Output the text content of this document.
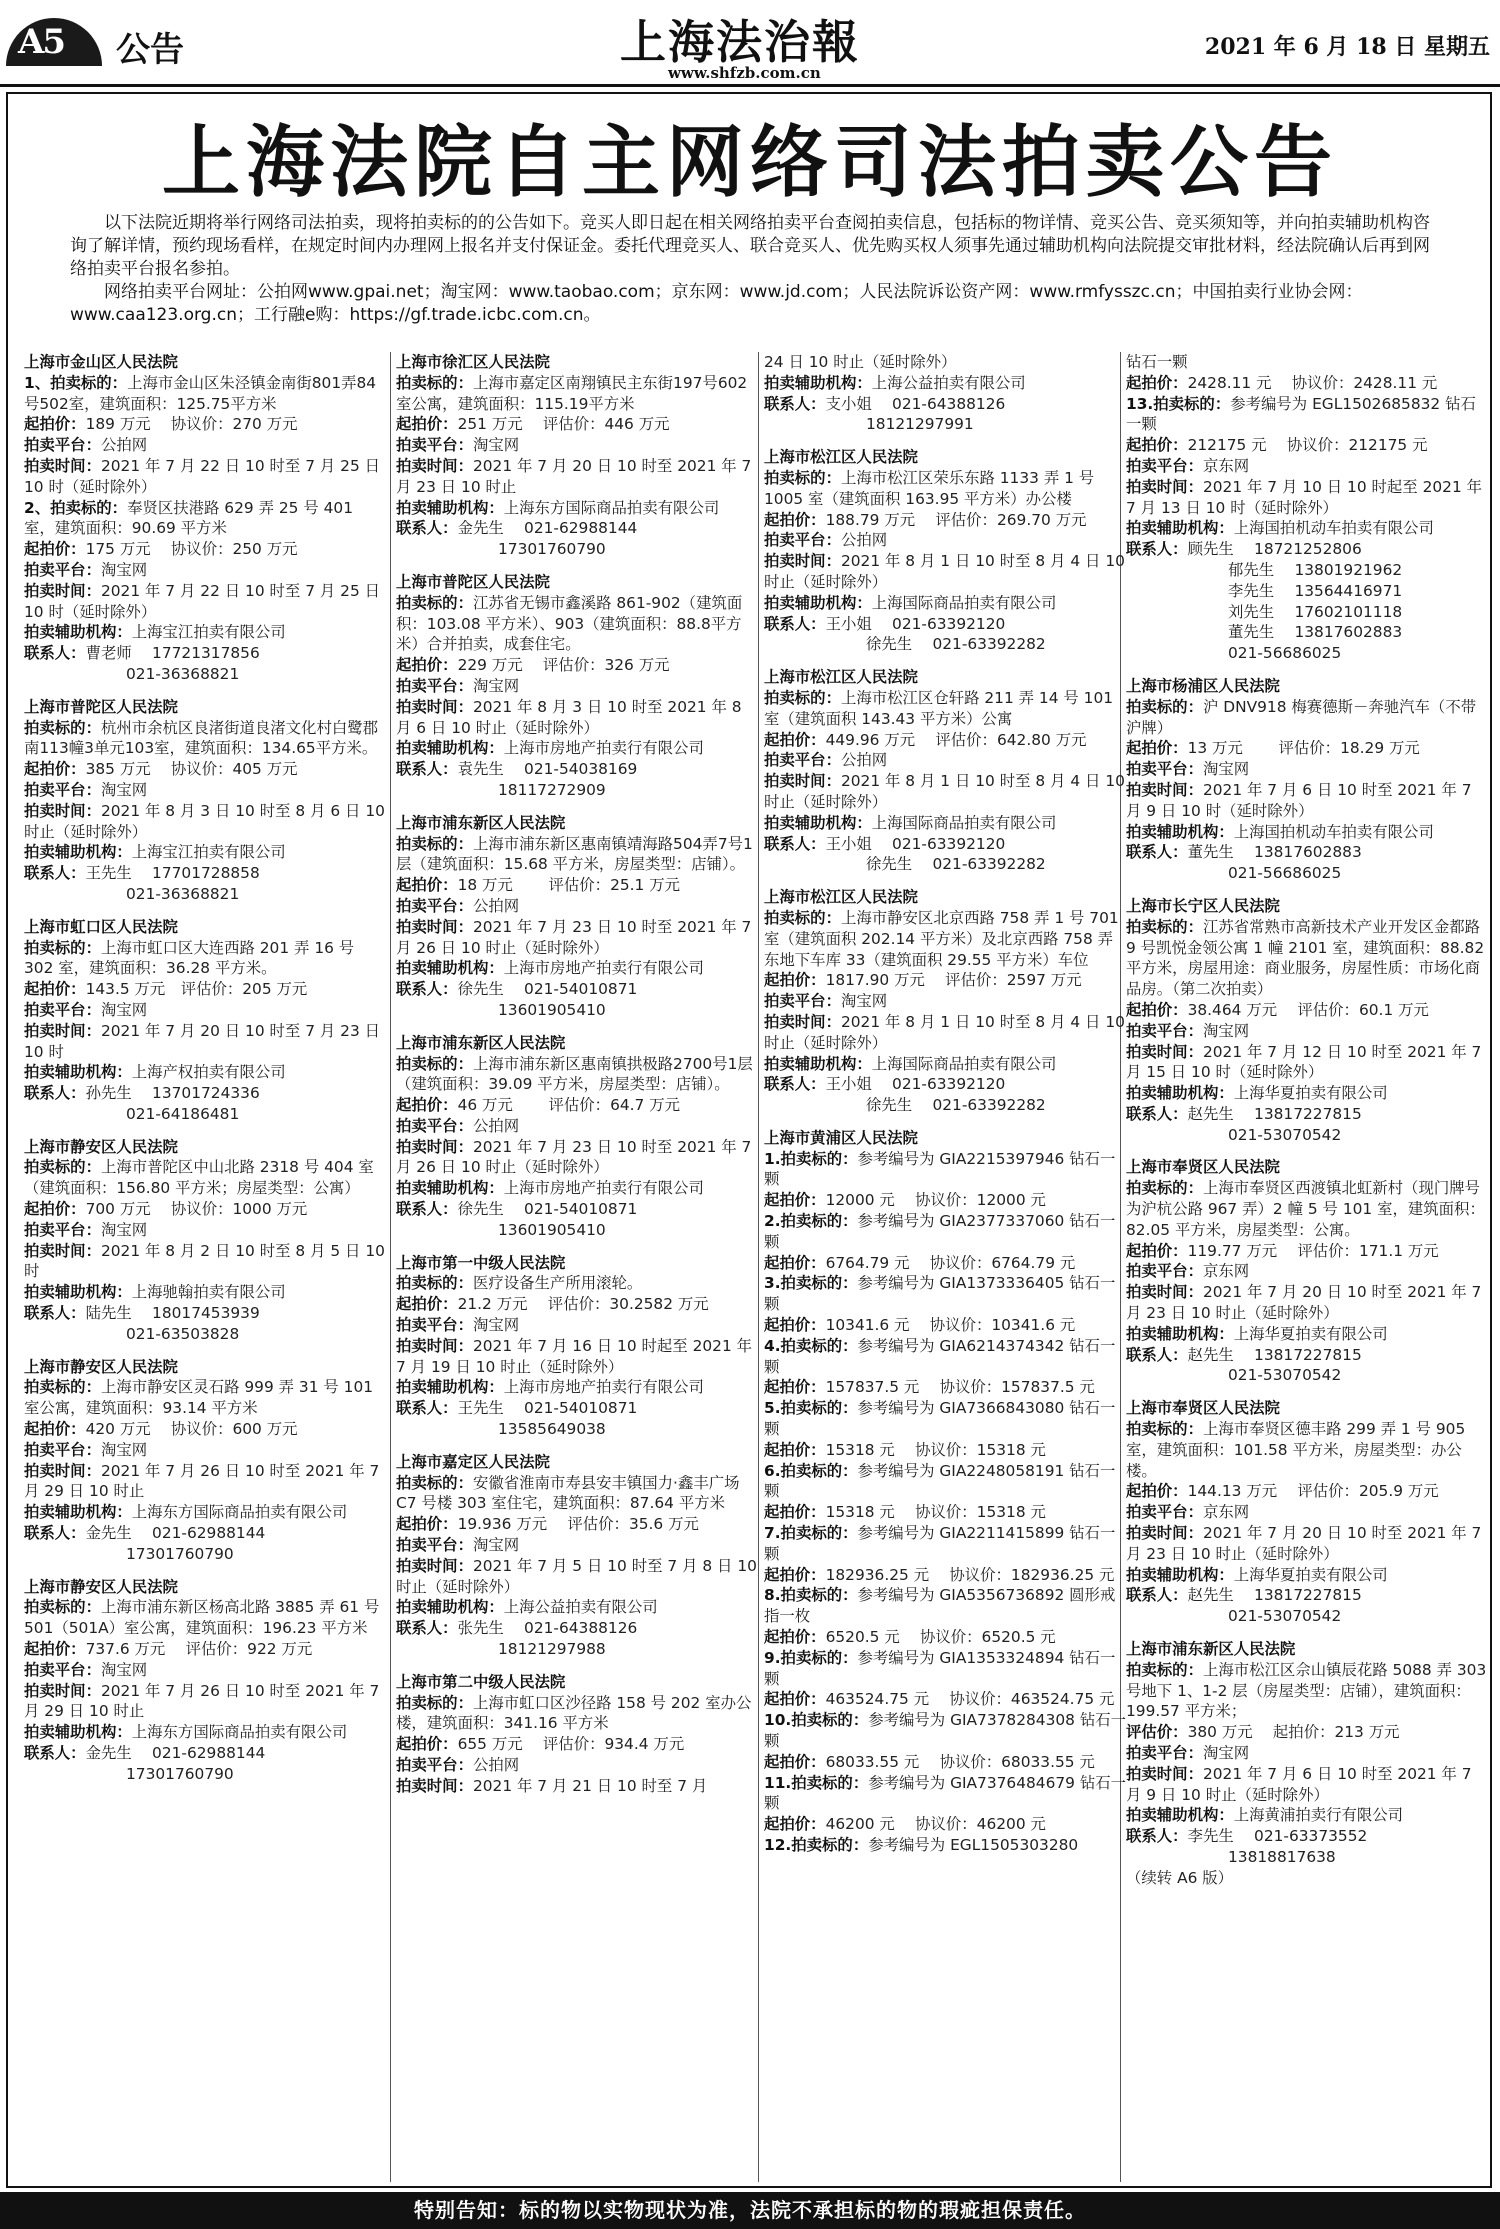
A5 公告	上海法治報
www.shfzb.com.cn
2021 年 6 月 18 日 星期五
上海法院自主网络司法拍卖公告

以下法院近期将举行网络司法拍卖，现将拍卖标的的公告如下。竞买人即日起在相关网络拍卖平台查阅拍卖信息，包括标的物详情、竞买公告、竞买须知等，并向拍卖辅助机构咨询了解详情，预约现场看样，在规定时间内办理网上报名并支付保证金。委托代理竞买人、联合竞买人、优先购买权人须事先通过辅助机构向法院提交审批材料，经法院确认后再到网络拍卖平台报名参拍。

网络拍卖平台网址：公拍网www.gpai.net；淘宝网：www.taobao.com；京东网：www.jd.com；人民法院诉讼资产网：www.rmfysszc.cn；中国拍卖行业协会网：www.caa123.org.cn；工行融e购：https://gf.trade.icbc.com.cn。

上海市金山区人民法院
1、拍卖标的：上海市金山区朱泾镇金南街801弄84号502室，建筑面积：125.75平方米
起拍价：189 万元　 协议价：270 万元
拍卖平台：公拍网
拍卖时间：2021 年 7 月 22 日 10 时至 7 月 25 日 10 时（延时除外）
2、拍卖标的：奉贤区扶港路 629 弄 25 号 401 室，建筑面积：90.69 平方米
起拍价：175 万元　 协议价：250 万元
拍卖平台：淘宝网
拍卖时间：2021 年 7 月 22 日 10 时至 7 月 25 日 10 时（延时除外）
拍卖辅助机构：上海宝江拍卖有限公司
联系人：曹老师　 17721317856
021-36368821
上海市普陀区人民法院
拍卖标的：杭州市余杭区良渚街道良渚文化村白鹭郡南113幢3单元103室，建筑面积：134.65平方米。
起拍价：385 万元　 协议价：405 万元
拍卖平台：淘宝网
拍卖时间：2021 年 8 月 3 日 10 时至 8 月 6 日 10 时止（延时除外）
拍卖辅助机构：上海宝江拍卖有限公司
联系人：王先生　 17701728858
021-36368821
上海市虹口区人民法院
拍卖标的：上海市虹口区大连西路 201 弄 16 号 302 室，建筑面积：36.28 平方米。
起拍价：143.5 万元　评估价：205 万元
拍卖平台：淘宝网
拍卖时间：2021 年 7 月 20 日 10 时至 7 月 23 日 10 时
拍卖辅助机构：上海产权拍卖有限公司
联系人：孙先生　 13701724336
021-64186481
上海市静安区人民法院
拍卖标的：上海市普陀区中山北路 2318 号 404 室（建筑面积：156.80 平方米；房屋类型：公寓）
起拍价：700 万元　 协议价：1000 万元
拍卖平台：淘宝网
拍卖时间：2021 年 8 月 2 日 10 时至 8 月 5 日 10 时
拍卖辅助机构：上海驰翰拍卖有限公司
联系人：陆先生　 18017453939
021-63503828
上海市静安区人民法院
拍卖标的：上海市静安区灵石路 999 弄 31 号 101 室公寓，建筑面积：93.14 平方米
起拍价：420 万元　 协议价：600 万元
拍卖平台：淘宝网
拍卖时间：2021 年 7 月 26 日 10 时至 2021 年 7 月 29 日 10 时止
拍卖辅助机构：上海东方国际商品拍卖有限公司
联系人：金先生　 021-62988144
17301760790
上海市静安区人民法院
拍卖标的：上海市浦东新区杨高北路 3885 弄 61 号 501（501A）室公寓，建筑面积：196.23 平方米
起拍价：737.6 万元　 评估价：922 万元
拍卖平台：淘宝网
拍卖时间：2021 年 7 月 26 日 10 时至 2021 年 7 月 29 日 10 时止
拍卖辅助机构：上海东方国际商品拍卖有限公司
联系人：金先生　 021-62988144
17301760790
上海市徐汇区人民法院
拍卖标的：上海市嘉定区南翔镇民主东街197号602室公寓，建筑面积：115.19平方米
起拍价：251 万元　 评估价：446 万元
拍卖平台：淘宝网
拍卖时间：2021 年 7 月 20 日 10 时至 2021 年 7 月 23 日 10 时止
拍卖辅助机构：上海东方国际商品拍卖有限公司
联系人：金先生　 021-62988144
17301760790
上海市普陀区人民法院
拍卖标的：江苏省无锡市鑫溪路 861-902（建筑面积：103.08 平方米）、903（建筑面积：88.8平方米）合并拍卖，成套住宅。
起拍价：229 万元　 评估价：326 万元
拍卖平台：淘宝网
拍卖时间：2021 年 8 月 3 日 10 时至 2021 年 8 月 6 日 10 时止（延时除外）
拍卖辅助机构：上海市房地产拍卖行有限公司
联系人：袁先生　 021-54038169
18117272909
上海市浦东新区人民法院
拍卖标的：上海市浦东新区惠南镇靖海路504弄7号1层（建筑面积：15.68 平方米，房屋类型：店铺）。
起拍价：18 万元　　 评估价：25.1 万元
拍卖平台：公拍网
拍卖时间：2021 年 7 月 23 日 10 时至 2021 年 7 月 26 日 10 时止（延时除外）
拍卖辅助机构：上海市房地产拍卖行有限公司
联系人：徐先生　 021-54010871
13601905410
上海市浦东新区人民法院
拍卖标的：上海市浦东新区惠南镇拱极路2700号1层（建筑面积：39.09 平方米，房屋类型：店铺）。
起拍价：46 万元　　 评估价：64.7 万元
拍卖平台：公拍网
拍卖时间：2021 年 7 月 23 日 10 时至 2021 年 7 月 26 日 10 时止（延时除外）
拍卖辅助机构：上海市房地产拍卖行有限公司
联系人：徐先生　 021-54010871
13601905410
上海市第一中级人民法院
拍卖标的：医疗设备生产所用滚轮。
起拍价：21.2 万元　 评估价：30.2582 万元
拍卖平台：淘宝网
拍卖时间：2021 年 7 月 16 日 10 时起至 2021 年 7 月 19 日 10 时止（延时除外）
拍卖辅助机构：上海市房地产拍卖行有限公司
联系人：王先生　 021-54010871
13585649038
上海市嘉定区人民法院
拍卖标的：安徽省淮南市寿县安丰镇国力·鑫丰广场 C7 号楼 303 室住宅，建筑面积：87.64 平方米
起拍价：19.936 万元　 评估价：35.6 万元
拍卖平台：淘宝网
拍卖时间：2021 年 7 月 5 日 10 时至 7 月 8 日 10 时止（延时除外）
拍卖辅助机构：上海公益拍卖有限公司
联系人：张先生　 021-64388126
18121297988
上海市第二中级人民法院
拍卖标的：上海市虹口区沙径路 158 号 202 室办公楼，建筑面积：341.16 平方米
起拍价：655 万元　 评估价：934.4 万元
拍卖平台：公拍网
拍卖时间：2021 年 7 月 21 日 10 时至 7 月
24 日 10 时止（延时除外）
拍卖辅助机构：上海公益拍卖有限公司
联系人：支小姐　 021-64388126
18121297991
上海市松江区人民法院
拍卖标的：上海市松江区荣乐东路 1133 弄 1 号 1005 室（建筑面积 163.95 平方米）办公楼
起拍价：188.79 万元　 评估价：269.70 万元
拍卖平台：公拍网
拍卖时间：2021 年 8 月 1 日 10 时至 8 月 4 日 10 时止（延时除外）
拍卖辅助机构：上海国际商品拍卖有限公司
联系人：王小姐　 021-63392120
徐先生　 021-63392282
上海市松江区人民法院
拍卖标的：上海市松江区仓轩路 211 弄 14 号 101 室（建筑面积 143.43 平方米）公寓
起拍价：449.96 万元　 评估价：642.80 万元
拍卖平台：公拍网
拍卖时间：2021 年 8 月 1 日 10 时至 8 月 4 日 10 时止（延时除外）
拍卖辅助机构：上海国际商品拍卖有限公司
联系人：王小姐　 021-63392120
徐先生　 021-63392282
上海市松江区人民法院
拍卖标的：上海市静安区北京西路 758 弄 1 号 701 室（建筑面积 202.14 平方米）及北京西路 758 弄东地下车库 33（建筑面积 29.55 平方米）车位
起拍价：1817.90 万元　 评估价：2597 万元
拍卖平台：淘宝网
拍卖时间：2021 年 8 月 1 日 10 时至 8 月 4 日 10 时止（延时除外）
拍卖辅助机构：上海国际商品拍卖有限公司
联系人：王小姐　 021-63392120
徐先生　 021-63392282
上海市黄浦区人民法院
1.拍卖标的：参考编号为 GIA2215397946 钻石一颗
起拍价：12000 元　 协议价：12000 元
2.拍卖标的：参考编号为 GIA2377337060 钻石一颗
起拍价：6764.79 元　 协议价：6764.79 元
3.拍卖标的：参考编号为 GIA1373336405 钻石一颗
起拍价：10341.6 元　 协议价：10341.6 元
4.拍卖标的：参考编号为 GIA6214374342 钻石一颗
起拍价：157837.5 元　 协议价：157837.5 元
5.拍卖标的：参考编号为 GIA7366843080 钻石一颗
起拍价：15318 元　 协议价：15318 元
6.拍卖标的：参考编号为 GIA2248058191 钻石一颗
起拍价：15318 元　 协议价：15318 元
7.拍卖标的：参考编号为 GIA2211415899 钻石一颗
起拍价：182936.25 元　 协议价：182936.25 元
8.拍卖标的：参考编号为 GIA5356736892 圆形戒指一枚
起拍价：6520.5 元　 协议价：6520.5 元
9.拍卖标的：参考编号为 GIA1353324894 钻石一颗
起拍价：463524.75 元　 协议价：463524.75 元
10.拍卖标的：参考编号为 GIA7378284308 钻石一颗
起拍价：68033.55 元　 协议价：68033.55 元
11.拍卖标的：参考编号为 GIA7376484679 钻石一颗
起拍价：46200 元　 协议价：46200 元
12.拍卖标的：参考编号为 EGL1505303280
钻石一颗
起拍价：2428.11 元　 协议价：2428.11 元
13.拍卖标的：参考编号为 EGL1502685832 钻石一颗
起拍价：212175 元　 协议价：212175 元
拍卖平台：京东网
拍卖时间：2021 年 7 月 10 日 10 时起至 2021 年 7 月 13 日 10 时（延时除外）
拍卖辅助机构：上海国拍机动车拍卖有限公司
联系人：顾先生　 18721252806
郁先生　 13801921962
李先生　 13564416971
刘先生　 17602101118
董先生　 13817602883
021-56686025
上海市杨浦区人民法院
拍卖标的：沪 DNV918 梅赛德斯－奔驰汽车（不带沪牌）
起拍价：13 万元　　 评估价：18.29 万元
拍卖平台：淘宝网
拍卖时间：2021 年 7 月 6 日 10 时至 2021 年 7 月 9 日 10 时（延时除外）
拍卖辅助机构：上海国拍机动车拍卖有限公司
联系人：董先生　 13817602883
021-56686025
上海市长宁区人民法院
拍卖标的：江苏省常熟市高新技术产业开发区金都路 9 号凯悦金领公寓 1 幢 2101 室，建筑面积：88.82 平方米，房屋用途：商业服务，房屋性质：市场化商品房。（第二次拍卖）
起拍价：38.464 万元　 评估价：60.1 万元
拍卖平台：淘宝网
拍卖时间：2021 年 7 月 12 日 10 时至 2021 年 7 月 15 日 10 时（延时除外）
拍卖辅助机构：上海华夏拍卖有限公司
联系人：赵先生　 13817227815
021-53070542
上海市奉贤区人民法院
拍卖标的：上海市奉贤区西渡镇北虹新村（现门牌号为沪杭公路 967 弄）2 幢 5 号 101 室，建筑面积：82.05 平方米，房屋类型：公寓。
起拍价：119.77 万元　 评估价：171.1 万元
拍卖平台：京东网
拍卖时间：2021 年 7 月 20 日 10 时至 2021 年 7 月 23 日 10 时止（延时除外）
拍卖辅助机构：上海华夏拍卖有限公司
联系人：赵先生　 13817227815
021-53070542
上海市奉贤区人民法院
拍卖标的：上海市奉贤区德丰路 299 弄 1 号 905 室，建筑面积：101.58 平方米，房屋类型：办公楼。
起拍价：144.13 万元　 评估价：205.9 万元
拍卖平台：京东网
拍卖时间：2021 年 7 月 20 日 10 时至 2021 年 7 月 23 日 10 时止（延时除外）
拍卖辅助机构：上海华夏拍卖有限公司
联系人：赵先生　 13817227815
021-53070542
上海市浦东新区人民法院
拍卖标的：上海市松江区佘山镇辰花路 5088 弄 303 号地下 1、1-2 层（房屋类型：店铺），建筑面积：199.57 平方米；
评估价：380 万元　 起拍价：213 万元
拍卖平台：淘宝网
拍卖时间：2021 年 7 月 6 日 10 时至 2021 年 7 月 9 日 10 时止（延时除外）
拍卖辅助机构：上海黄浦拍卖行有限公司
联系人：李先生　 021-63373552
13818817638
（续转 A6 版）
特别告知：标的物以实物现状为准，法院不承担标的物的瑕疵担保责任。
